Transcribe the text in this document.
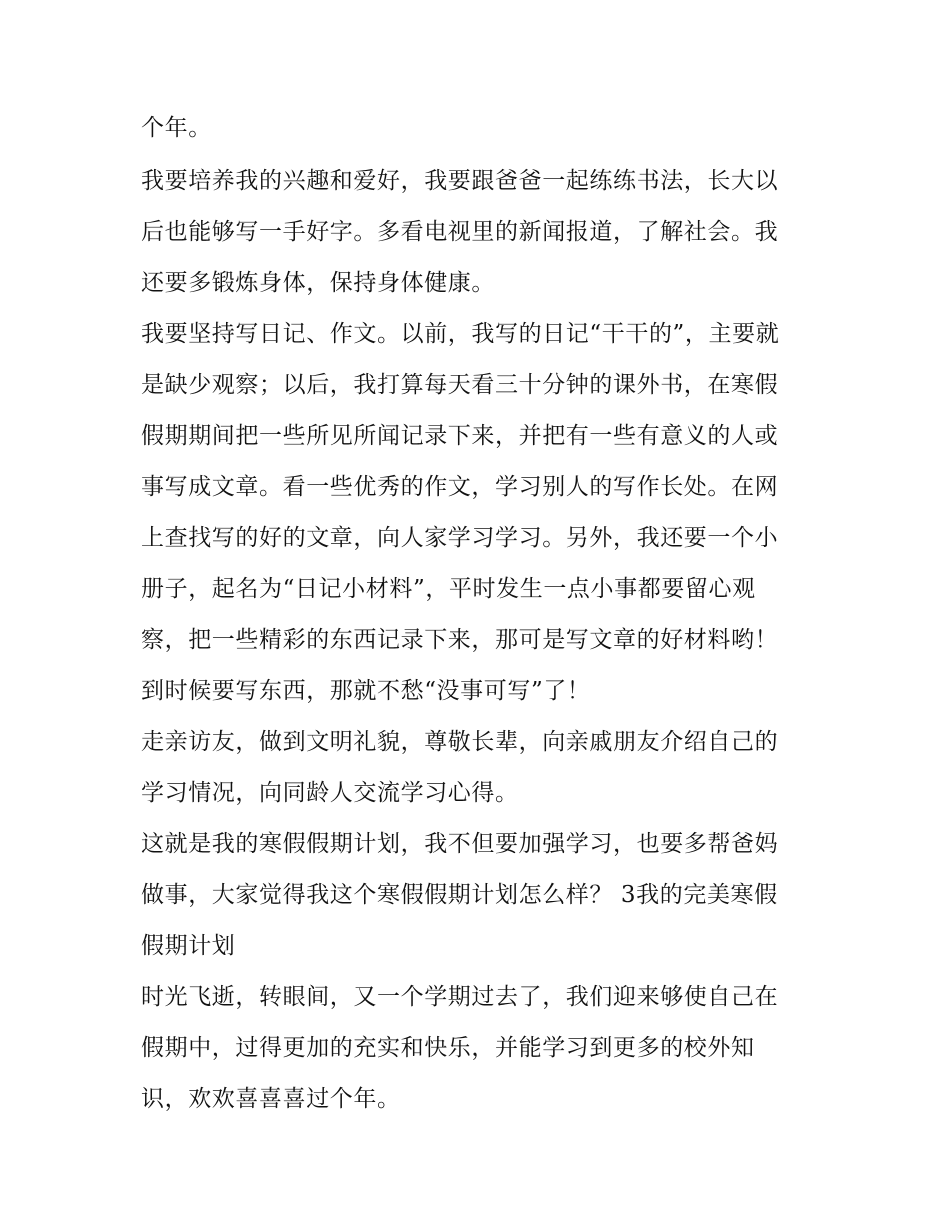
个年。
我要培养我的兴趣和爱好，我要跟爸爸一起练练书法，长大以
后也能够写一手好字。多看电视里的新闻报道，了解社会。我
还要多锻炼身体，保持身体健康。
我要坚持写日记、作文。以前，我写的日记“干干的”，主要就
是缺少观察；以后，我打算每天看三十分钟的课外书，在寒假
假期期间把一些所见所闻记录下来，并把有一些有意义的人或
事写成文章。看一些优秀的作文，学习别人的写作长处。在网
上查找写的好的文章，向人家学习学习。另外，我还要一个小
册子，起名为“日记小材料”，平时发生一点小事都要留心观
察，把一些精彩的东西记录下来，那可是写文章的好材料哟！
到时候要写东西，那就不愁“没事可写”了！
走亲访友，做到文明礼貌，尊敬长辈，向亲戚朋友介绍自己的
学习情况，向同龄人交流学习心得。
这就是我的寒假假期计划，我不但要加强学习，也要多帮爸妈
做事，大家觉得我这个寒假假期计划怎么样？ 3我的完美寒假
假期计划
时光飞逝，转眼间，又一个学期过去了，我们迎来够使自己在
假期中，过得更加的充实和快乐，并能学习到更多的校外知
识，欢欢喜喜喜过个年。
